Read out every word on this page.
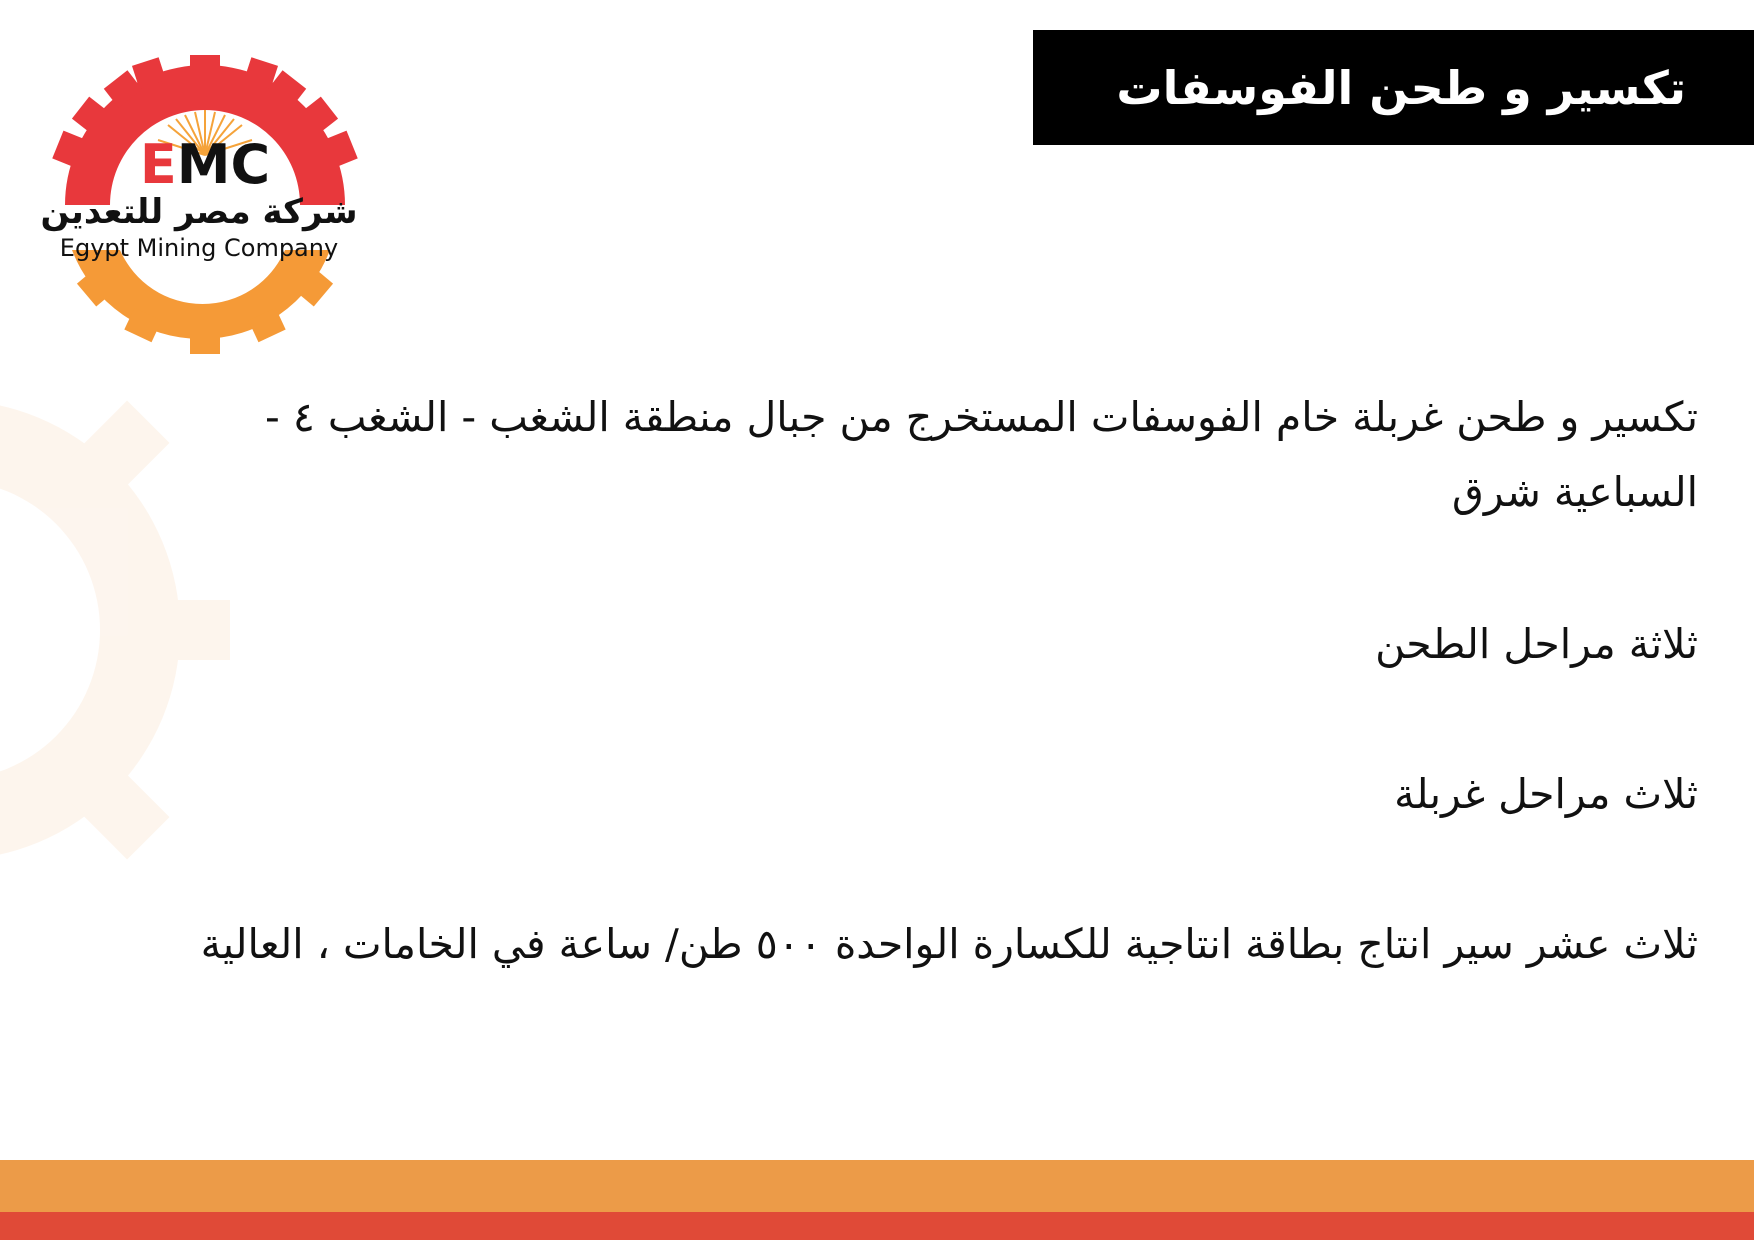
تكسير و طحن الفوسفات
EMC
شركة مصر للتعدين
Egypt Mining Company

تكسير و طحن غربلة خام الفوسفات المستخرج من جبال منطقة الشغب - الشغب ٤ - السباعية شرق

ثلاثة مراحل الطحن

ثلاث مراحل غربلة

ثلاث عشر سير انتاج بطاقة انتاجية للكسارة الواحدة ٥٠٠ طن/ ساعة في الخامات ، العالية
